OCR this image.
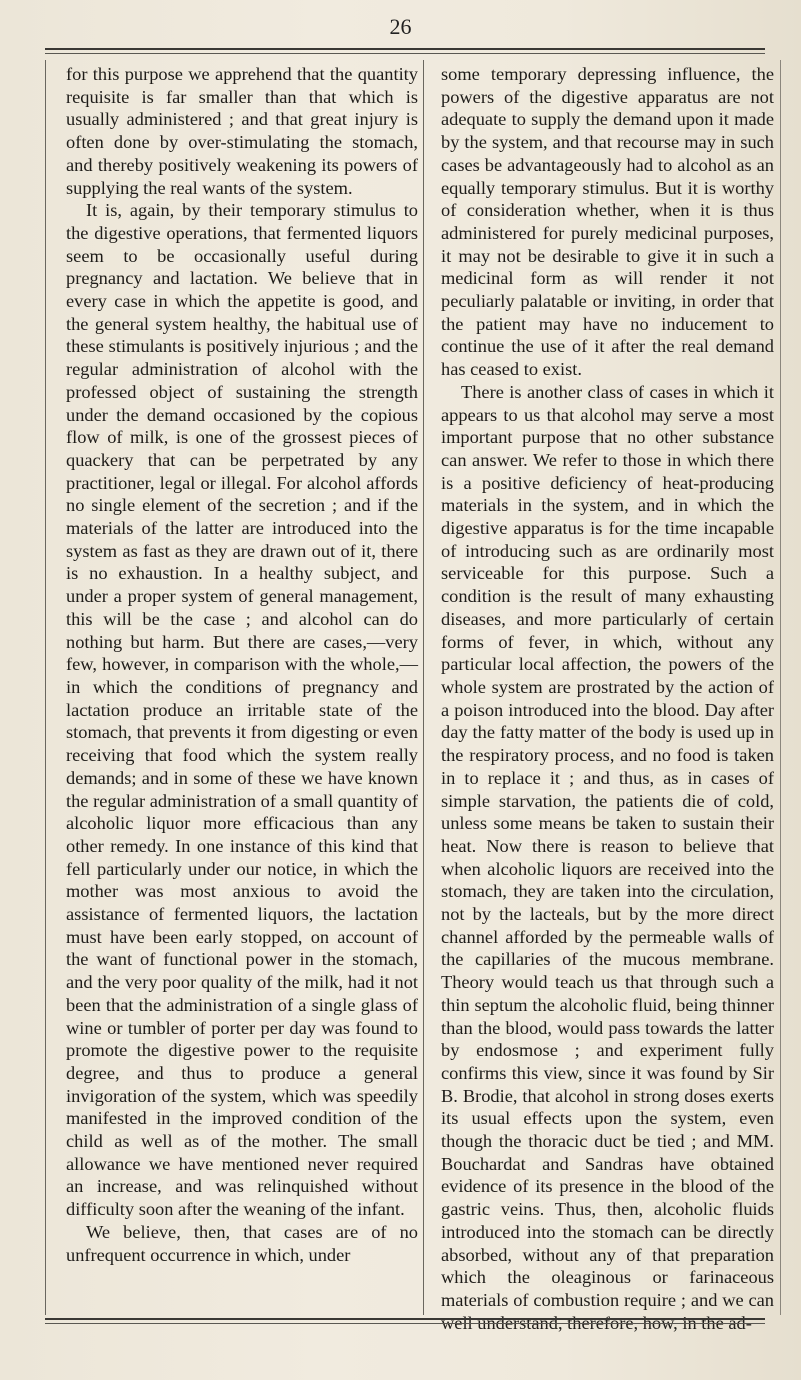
26

for this purpose we apprehend that the quantity requisite is far smaller than that which is usually administered ; and that great injury is often done by over-stimulating the stomach, and thereby positively weakening its powers of supplying the real wants of the system.

It is, again, by their temporary stimulus to the digestive operations, that fermented liquors seem to be occasionally useful during pregnancy and lactation. We believe that in every case in which the appetite is good, and the general system healthy, the habitual use of these stimulants is positively injurious ; and the regular administration of alcohol with the professed object of sustaining the strength under the demand occasioned by the copious flow of milk, is one of the grossest pieces of quackery that can be perpetrated by any practitioner, legal or illegal. For alcohol affords no single element of the secretion ; and if the materials of the latter are introduced into the system as fast as they are drawn out of it, there is no exhaustion. In a healthy subject, and under a proper system of general management, this will be the case ; and alcohol can do nothing but harm. But there are cases,—very few, however, in comparison with the whole,—in which the conditions of pregnancy and lactation produce an irritable state of the stomach, that prevents it from digesting or even receiving that food which the system really demands; and in some of these we have known the regular administration of a small quantity of alcoholic liquor more efficacious than any other remedy. In one instance of this kind that fell particularly under our notice, in which the mother was most anxious to avoid the assistance of fermented liquors, the lactation must have been early stopped, on account of the want of functional power in the stomach, and the very poor quality of the milk, had it not been that the administration of a single glass of wine or tumbler of porter per day was found to promote the digestive power to the requisite degree, and thus to produce a general invigoration of the system, which was speedily manifested in the improved condition of the child as well as of the mother. The small allowance we have mentioned never required an increase, and was relinquished without difficulty soon after the weaning of the infant.

We believe, then, that cases are of no unfrequent occurrence in which, under

some temporary depressing influence, the powers of the digestive apparatus are not adequate to supply the demand upon it made by the system, and that recourse may in such cases be advantageously had to alcohol as an equally temporary stimulus. But it is worthy of consideration whether, when it is thus administered for purely medicinal purposes, it may not be desirable to give it in such a medicinal form as will render it not peculiarly palatable or inviting, in order that the patient may have no inducement to continue the use of it after the real demand has ceased to exist.

There is another class of cases in which it appears to us that alcohol may serve a most important purpose that no other substance can answer. We refer to those in which there is a positive deficiency of heat-producing materials in the system, and in which the digestive apparatus is for the time incapable of introducing such as are ordinarily most serviceable for this purpose. Such a condition is the result of many exhausting diseases, and more particularly of certain forms of fever, in which, without any particular local affection, the powers of the whole system are prostrated by the action of a poison introduced into the blood. Day after day the fatty matter of the body is used up in the respiratory process, and no food is taken in to replace it ; and thus, as in cases of simple starvation, the patients die of cold, unless some means be taken to sustain their heat. Now there is reason to believe that when alcoholic liquors are received into the stomach, they are taken into the circulation, not by the lacteals, but by the more direct channel afforded by the permeable walls of the capillaries of the mucous membrane. Theory would teach us that through such a thin septum the alcoholic fluid, being thinner than the blood, would pass towards the latter by endosmose ; and experiment fully confirms this view, since it was found by Sir B. Brodie, that alcohol in strong doses exerts its usual effects upon the system, even though the thoracic duct be tied ; and MM. Bouchardat and Sandras have obtained evidence of its presence in the blood of the gastric veins. Thus, then, alcoholic fluids introduced into the stomach can be directly absorbed, without any of that preparation which the oleaginous or farinaceous materials of combustion require ; and we can well understand, therefore, how, in the ad-
